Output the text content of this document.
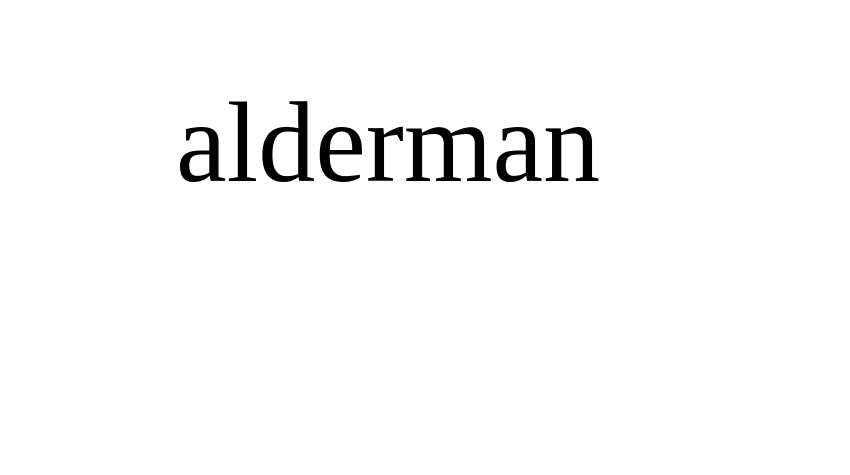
alderman
